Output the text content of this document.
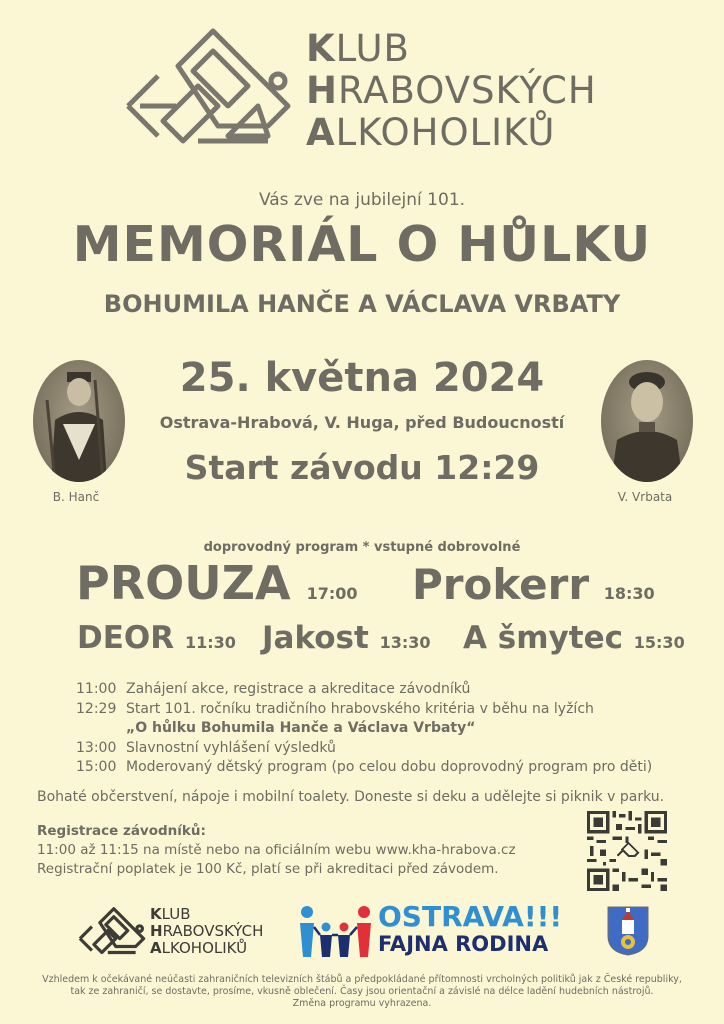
KLUB
HRABOVSKÝCH
ALKOHOLIKŮ
Vás zve na jubilejní 101.
MEMORIÁL O HŮLKU
BOHUMILA HANČE A VÁCLAVA VRBATY
25. května 2024
Ostrava-Hrabová, V. Huga, před Budoucností
Start závodu 12:29
B. Hanč	V. Vrbata
doprovodný program * vstupné dobrovolné
PROUZA 17:00 Prokerr 18:30
DEOR 11:30 Jakost 13:30 A šmytec 15:30
11:00 Zahájení akce, registrace a akreditace závodníků
12:29 Start 101. ročníku tradičního hrabovského kritéria v běhu na lyžích
„O hůlku Bohumila Hanče a Václava Vrbaty“
13:00 Slavnostní vyhlášení výsledků
15:00 Moderovaný dětský program (po celou dobu doprovodný program pro děti)
Bohaté občerstvení, nápoje i mobilní toalety. Doneste si deku a udělejte si piknik v parku.
Registrace závodníků:
11:00 až 11:15 na místě nebo na oficiálním webu www.kha-hrabova.cz
Registrační poplatek je 100 Kč, platí se při akreditaci před závodem.
KLUB
HRABOVSKÝCH
ALKOHOLIKŮ
OSTRAVA!!!
FAJNA RODINA
Vzhledem k očekávané neúčasti zahraničních televizních štábů a předpokládané přítomnosti vrcholných politiků jak z České republiky,
tak ze zahraničí, se dostavte, prosíme, vkusně oblečení. Časy jsou orientační a závislé na délce ladění hudebních nástrojů.
Změna programu vyhrazena.
